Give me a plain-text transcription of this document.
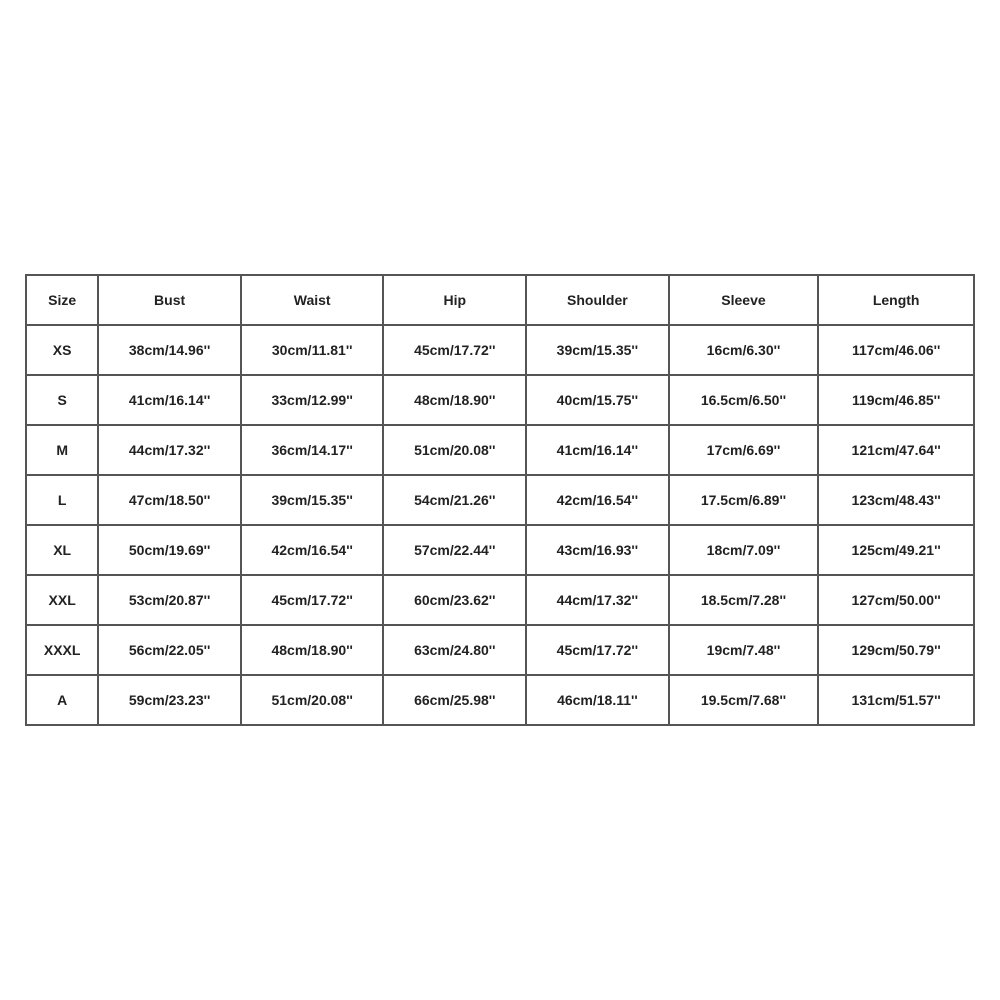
Size	Bust	Waist	Hip	Shoulder	Sleeve	Length
XS	38cm/14.96''	30cm/11.81''	45cm/17.72''	39cm/15.35''	16cm/6.30''	117cm/46.06''
S	41cm/16.14''	33cm/12.99''	48cm/18.90''	40cm/15.75''	16.5cm/6.50''	119cm/46.85''
M	44cm/17.32''	36cm/14.17''	51cm/20.08''	41cm/16.14''	17cm/6.69''	121cm/47.64''
L	47cm/18.50''	39cm/15.35''	54cm/21.26''	42cm/16.54''	17.5cm/6.89''	123cm/48.43''
XL	50cm/19.69''	42cm/16.54''	57cm/22.44''	43cm/16.93''	18cm/7.09''	125cm/49.21''
XXL	53cm/20.87''	45cm/17.72''	60cm/23.62''	44cm/17.32''	18.5cm/7.28''	127cm/50.00''
XXXL	56cm/22.05''	48cm/18.90''	63cm/24.80''	45cm/17.72''	19cm/7.48''	129cm/50.79''
A	59cm/23.23''	51cm/20.08''	66cm/25.98''	46cm/18.11''	19.5cm/7.68''	131cm/51.57''
